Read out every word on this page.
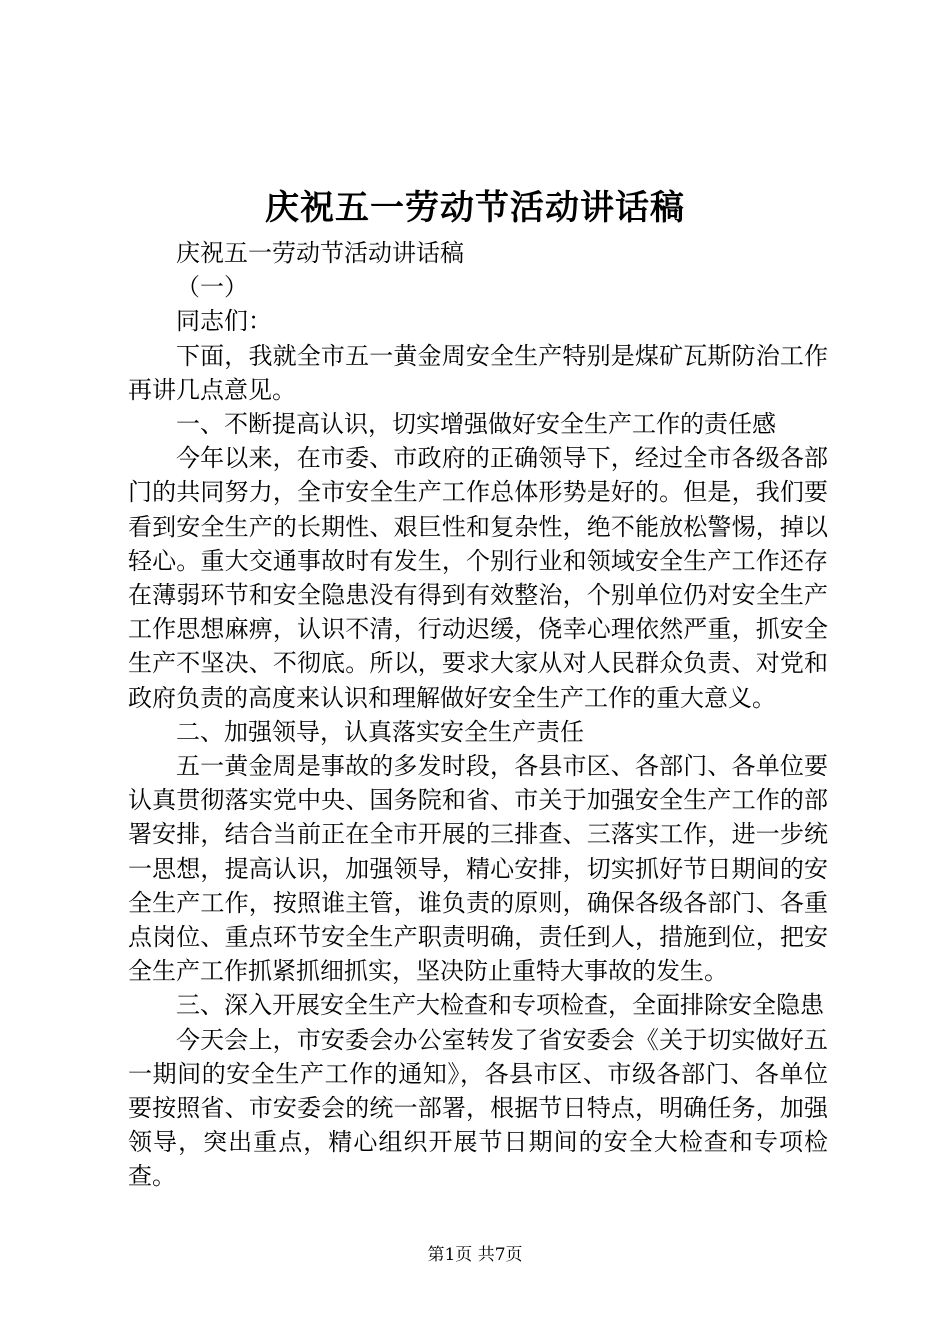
庆祝五一劳动节活动讲话稿

庆祝五一劳动节活动讲话稿

（一）

同志们：

下面，我就全市五一黄金周安全生产特别是煤矿瓦斯防治工作再讲几点意见。

一、不断提高认识，切实增强做好安全生产工作的责任感

今年以来，在市委、市政府的正确领导下，经过全市各级各部门的共同努力，全市安全生产工作总体形势是好的。但是，我们要看到安全生产的长期性、艰巨性和复杂性，绝不能放松警惕，掉以轻心。重大交通事故时有发生，个别行业和领域安全生产工作还存在薄弱环节和安全隐患没有得到有效整治，个别单位仍对安全生产工作思想麻痹，认识不清，行动迟缓，侥幸心理依然严重，抓安全生产不坚决、不彻底。所以，要求大家从对人民群众负责、对党和政府负责的高度来认识和理解做好安全生产工作的重大意义。

二、加强领导，认真落实安全生产责任

五一黄金周是事故的多发时段，各县市区、各部门、各单位要认真贯彻落实党中央、国务院和省、市关于加强安全生产工作的部署安排，结合当前正在全市开展的三排查、三落实工作，进一步统一思想，提高认识，加强领导，精心安排，切实抓好节日期间的安全生产工作，按照谁主管，谁负责的原则，确保各级各部门、各重点岗位、重点环节安全生产职责明确，责任到人，措施到位，把安全生产工作抓紧抓细抓实，坚决防止重特大事故的发生。

三、深入开展安全生产大检查和专项检查，全面排除安全隐患

今天会上，市安委会办公室转发了省安委会《关于切实做好五一期间的安全生产工作的通知》，各县市区、市级各部门、各单位要按照省、市安委会的统一部署，根据节日特点，明确任务，加强领导，突出重点，精心组织开展节日期间的安全大检查和专项检查。

第1页 共7页
